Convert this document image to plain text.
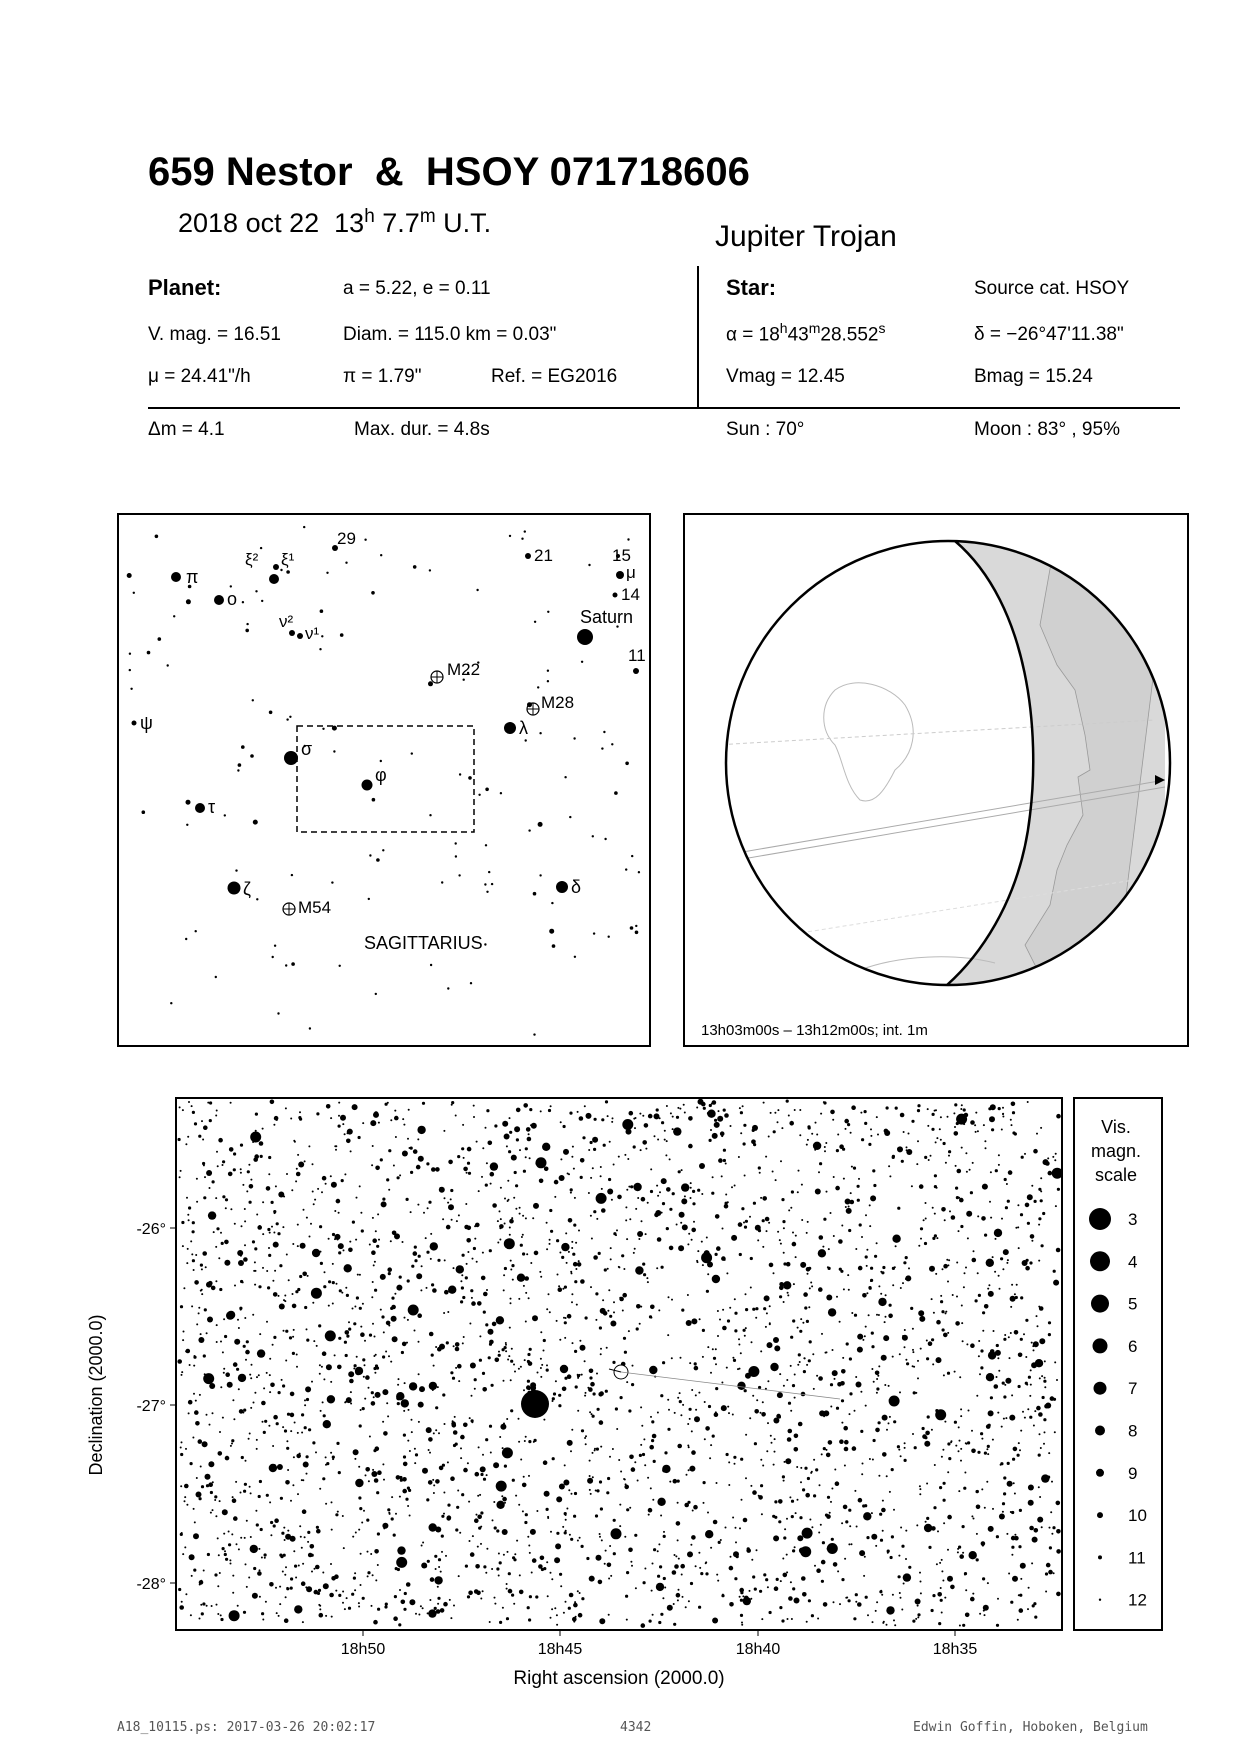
659 Nestor  &  HSOY 071718606
2018 oct 22 13$^h$ 7.7$^m$ U.T.	Jupiter Trojan
Planet:	a = 5.22, e = 0.11
V. mag. = 16.51	Diam. = 115.0 km = 0.03"
μ = 24.41"/h	π = 1.79"	Ref. = EG2016
Δm = 4.1	Max. dur. = 4.8s
Star:	Source cat. HSOY
$\alpha = 18^h43^m28.552^s$	δ = −26°47'11.38"
Vmag = 12.45	Bmag = 15.24
Sun : 70°	Moon : 83° , 95%
π
ξ² ξ¹
29
21	15
μ
14
ο
ν²
ν¹
Saturn
11
M22
M28
ψ	λ
σ
φ
τ
ζ	δ
M54
SAGITTARIUS
13h03m00s – 13h12m00s; int. 1m
-26°
-27°
-28°
18h50	18h45	18h40	18h35
Right ascension (2000.0)
Declination (2000.0)
Vis.
magn.
scale
3
4
5
6
7
8
9
10
11
12
A18_10115.ps: 2017-03-26 20:02:17	4342	Edwin Goffin, Hoboken, Belgium
